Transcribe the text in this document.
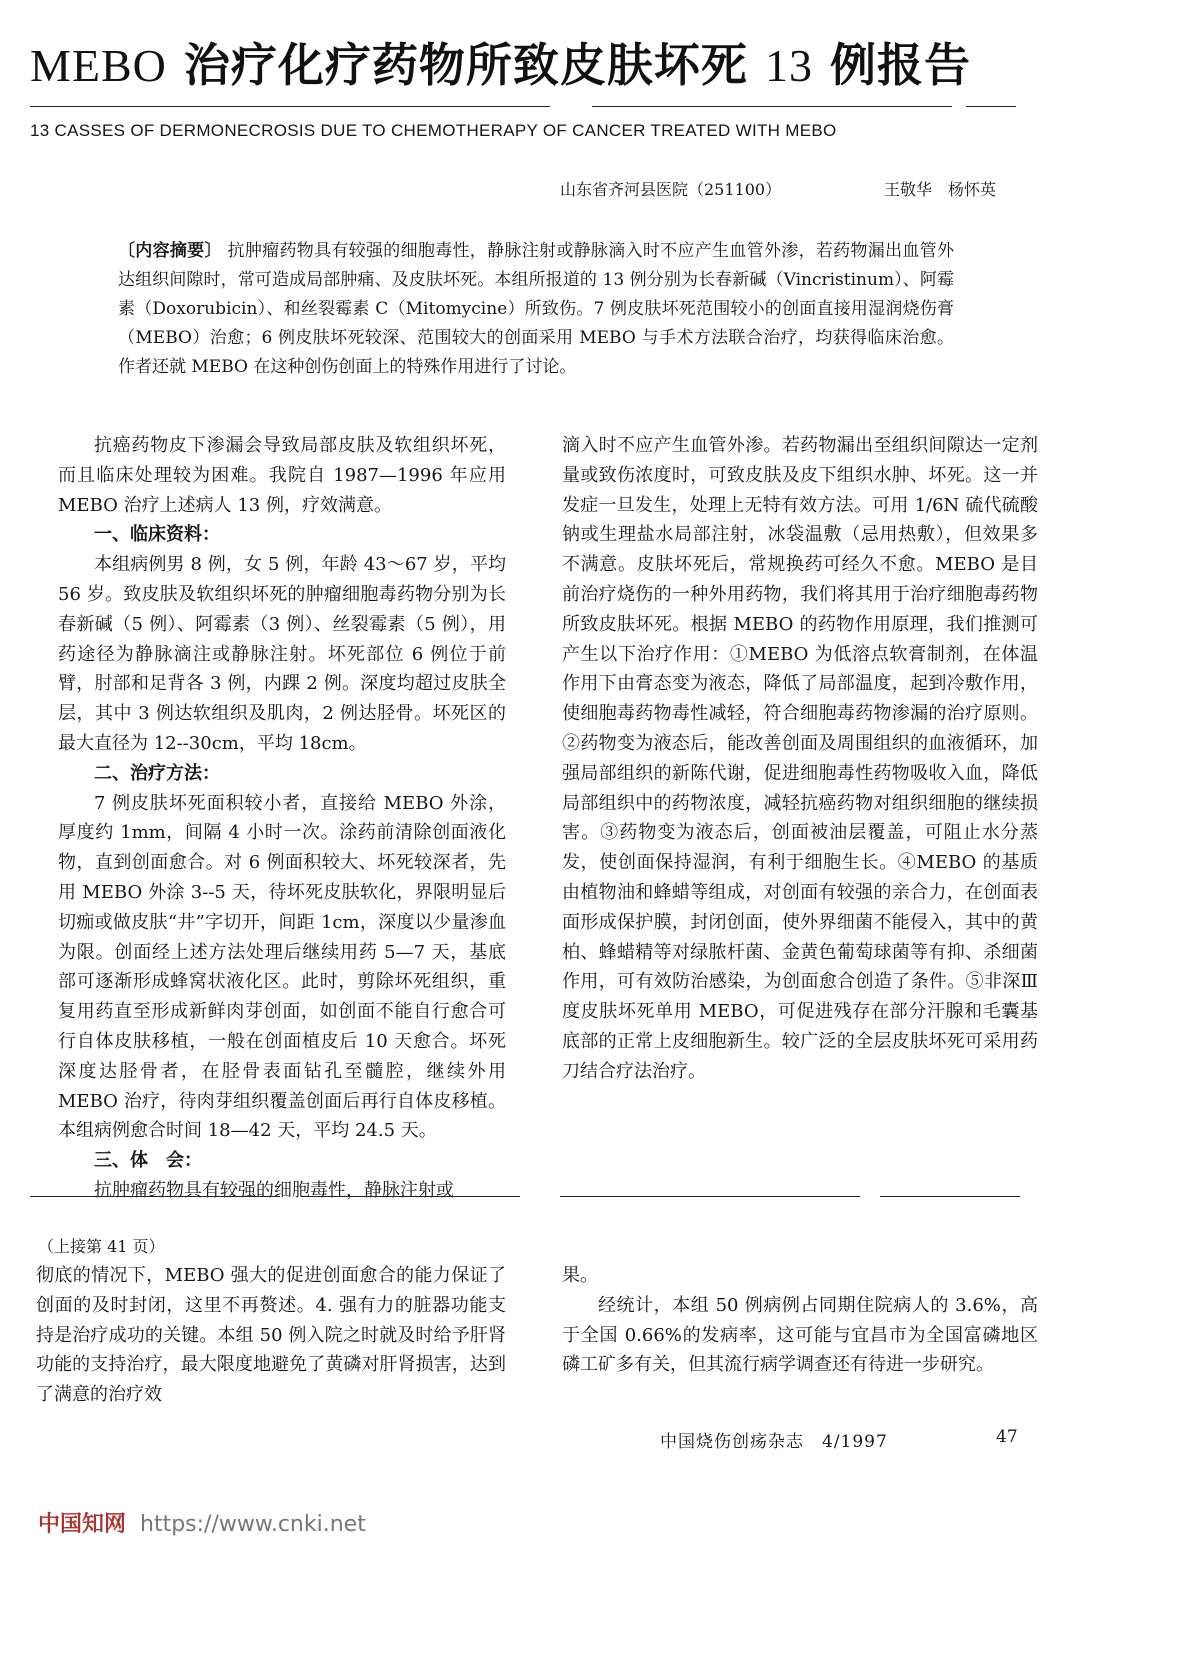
MEBO 治疗化疗药物所致皮肤坏死 13 例报告
13 CASSES OF DERMONECROSIS DUE TO CHEMOTHERAPY OF CANCER TREATED WITH MEBO
山东省齐河县医院（251100）	王敬华　杨怀英
〔内容摘要〕 抗肿瘤药物具有较强的细胞毒性，静脉注射或静脉滴入时不应产生血管外渗，若药物漏出血管外达组织间隙时，常可造成局部肿痛、及皮肤坏死。本组所报道的 13 例分别为长春新碱（Vincristinum）、阿霉素（Doxorubicin）、和丝裂霉素 C（Mitomycine）所致伤。7 例皮肤坏死范围较小的创面直接用湿润烧伤膏（MEBO）治愈；6 例皮肤坏死较深、范围较大的创面采用 MEBO 与手术方法联合治疗，均获得临床治愈。作者还就 MEBO 在这种创伤创面上的特殊作用进行了讨论。

抗癌药物皮下渗漏会导致局部皮肤及软组织坏死，而且临床处理较为困难。我院自 1987—1996 年应用 MEBO 治疗上述病人 13 例，疗效满意。

一、临床资料：

本组病例男 8 例，女 5 例，年龄 43～67 岁，平均 56 岁。致皮肤及软组织坏死的肿瘤细胞毒药物分别为长春新碱（5 例）、阿霉素（3 例）、丝裂霉素（5 例），用药途径为静脉滴注或静脉注射。坏死部位 6 例位于前臂，肘部和足背各 3 例，内踝 2 例。深度均超过皮肤全层，其中 3 例达软组织及肌肉，2 例达胫骨。坏死区的最大直径为 12--30cm，平均 18cm。

二、治疗方法：

7 例皮肤坏死面积较小者，直接给 MEBO 外涂，厚度约 1mm，间隔 4 小时一次。涂药前清除创面液化物，直到创面愈合。对 6 例面积较大、坏死较深者，先用 MEBO 外涂 3--5 天，待坏死皮肤软化，界限明显后切痂或做皮肤“井”字切开，间距 1cm，深度以少量渗血为限。创面经上述方法处理后继续用药 5—7 天，基底部可逐渐形成蜂窝状液化区。此时，剪除坏死组织，重复用药直至形成新鲜肉芽创面，如创面不能自行愈合可行自体皮肤移植，一般在创面植皮后 10 天愈合。坏死深度达胫骨者，在胫骨表面钻孔至髓腔，继续外用 MEBO 治疗，待肉芽组织覆盖创面后再行自体皮移植。本组病例愈合时间 18—42 天，平均 24.5 天。

三、体　会：

抗肿瘤药物具有较强的细胞毒性，静脉注射或

滴入时不应产生血管外渗。若药物漏出至组织间隙达一定剂量或致伤浓度时，可致皮肤及皮下组织水肿、坏死。这一并发症一旦发生，处理上无特有效方法。可用 1/6N 硫代硫酸钠或生理盐水局部注射，冰袋温敷（忌用热敷），但效果多不满意。皮肤坏死后，常规换药可经久不愈。MEBO 是目前治疗烧伤的一种外用药物，我们将其用于治疗细胞毒药物所致皮肤坏死。根据 MEBO 的药物作用原理，我们推测可产生以下治疗作用：①MEBO 为低溶点软膏制剂，在体温作用下由膏态变为液态，降低了局部温度，起到冷敷作用，使细胞毒药物毒性减轻，符合细胞毒药物渗漏的治疗原则。②药物变为液态后，能改善创面及周围组织的血液循环，加强局部组织的新陈代谢，促进细胞毒性药物吸收入血，降低局部组织中的药物浓度，减轻抗癌药物对组织细胞的继续损害。③药物变为液态后，创面被油层覆盖，可阻止水分蒸发，使创面保持湿润，有利于细胞生长。④MEBO 的基质由植物油和蜂蜡等组成，对创面有较强的亲合力，在创面表面形成保护膜，封闭创面，使外界细菌不能侵入，其中的黄柏、蜂蜡精等对绿脓杆菌、金黄色葡萄球菌等有抑、杀细菌作用，可有效防治感染，为创面愈合创造了条件。⑤非深Ⅲ度皮肤坏死单用 MEBO，可促进残存在部分汗腺和毛囊基底部的正常上皮细胞新生。较广泛的全层皮肤坏死可采用药刀结合疗法治疗。

（上接第 41 页）

彻底的情况下，MEBO 强大的促进创面愈合的能力保证了创面的及时封闭，这里不再赘述。4. 强有力的脏器功能支持是治疗成功的关键。本组 50 例入院之时就及时给予肝肾功能的支持治疗，最大限度地避免了黄磷对肝肾损害，达到了满意的治疗效

果。

经统计，本组 50 例病例占同期住院病人的 3.6%，高于全国 0.66%的发病率，这可能与宜昌市为全国富磷地区磷工矿多有关，但其流行病学调查还有待进一步研究。

中国烧伤创疡杂志　4/1997	47
中国知网 https://www.cnki.net
